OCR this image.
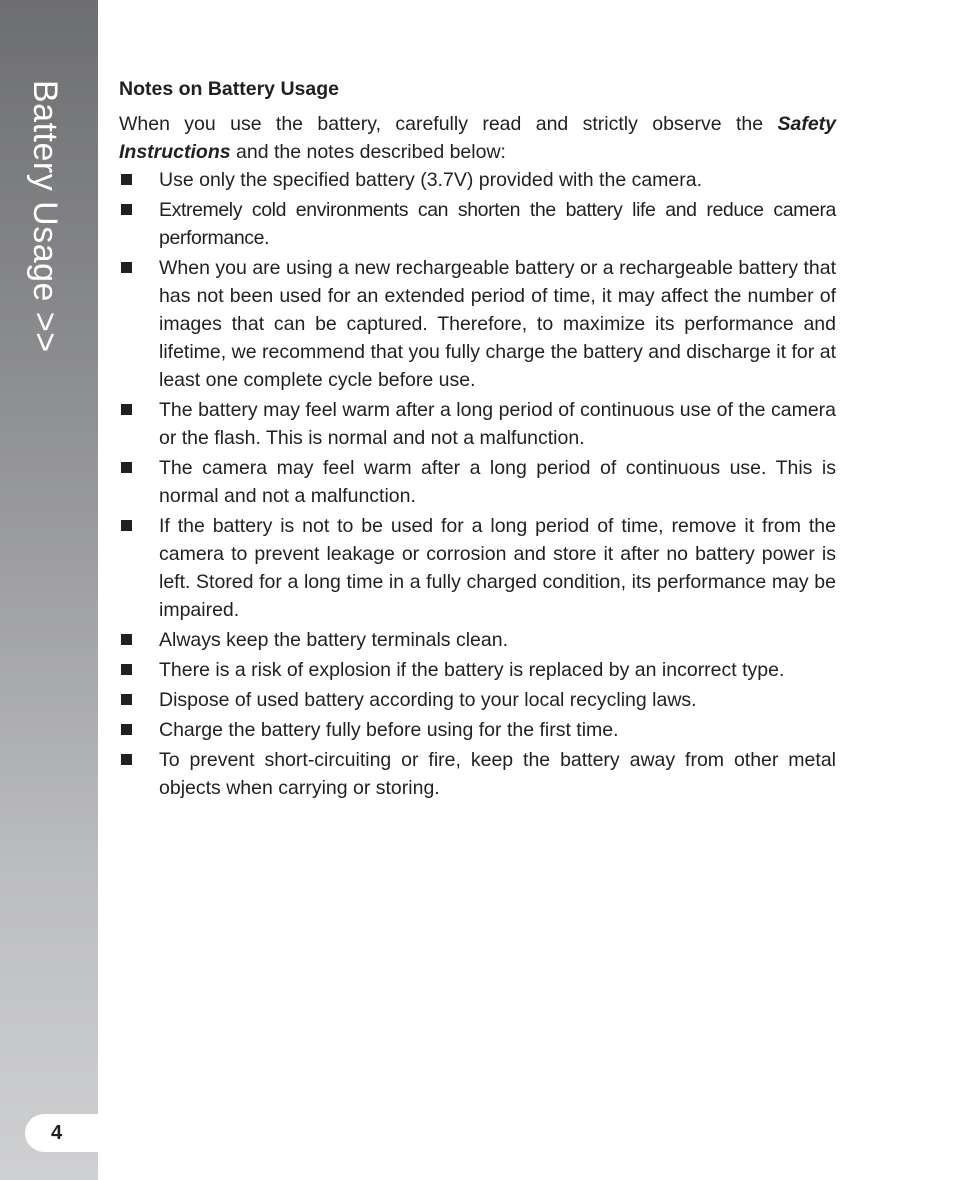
Battery Usage >>
4
Notes on Battery Usage

When you use the battery, carefully read and strictly observe the Safety Instructions and the notes described below:

Use only the specified battery (3.7V) provided with the camera.
Extremely cold environments can shorten the battery life and reduce camera performance.
When you are using a new rechargeable battery or a rechargeable battery that has not been used for an extended period of time, it may affect the number of images that can be captured. Therefore, to maximize its performance and lifetime, we recommend that you fully charge the battery and discharge it for at least one complete cycle before use.
The battery may feel warm after a long period of continuous use of the camera or the flash. This is normal and not a malfunction.
The camera may feel warm after a long period of continuous use. This is normal and not a malfunction.
If the battery is not to be used for a long period of time, remove it from the camera to prevent leakage or corrosion and store it after no battery power is left. Stored for a long time in a fully charged condition, its performance may be impaired.
Always keep the battery terminals clean.
There is a risk of explosion if the battery is replaced by an incorrect type.
Dispose of used battery according to your local recycling laws.
Charge the battery fully before using for the first time.
To prevent short-circuiting or fire, keep the battery away from other metal objects when carrying or storing.
